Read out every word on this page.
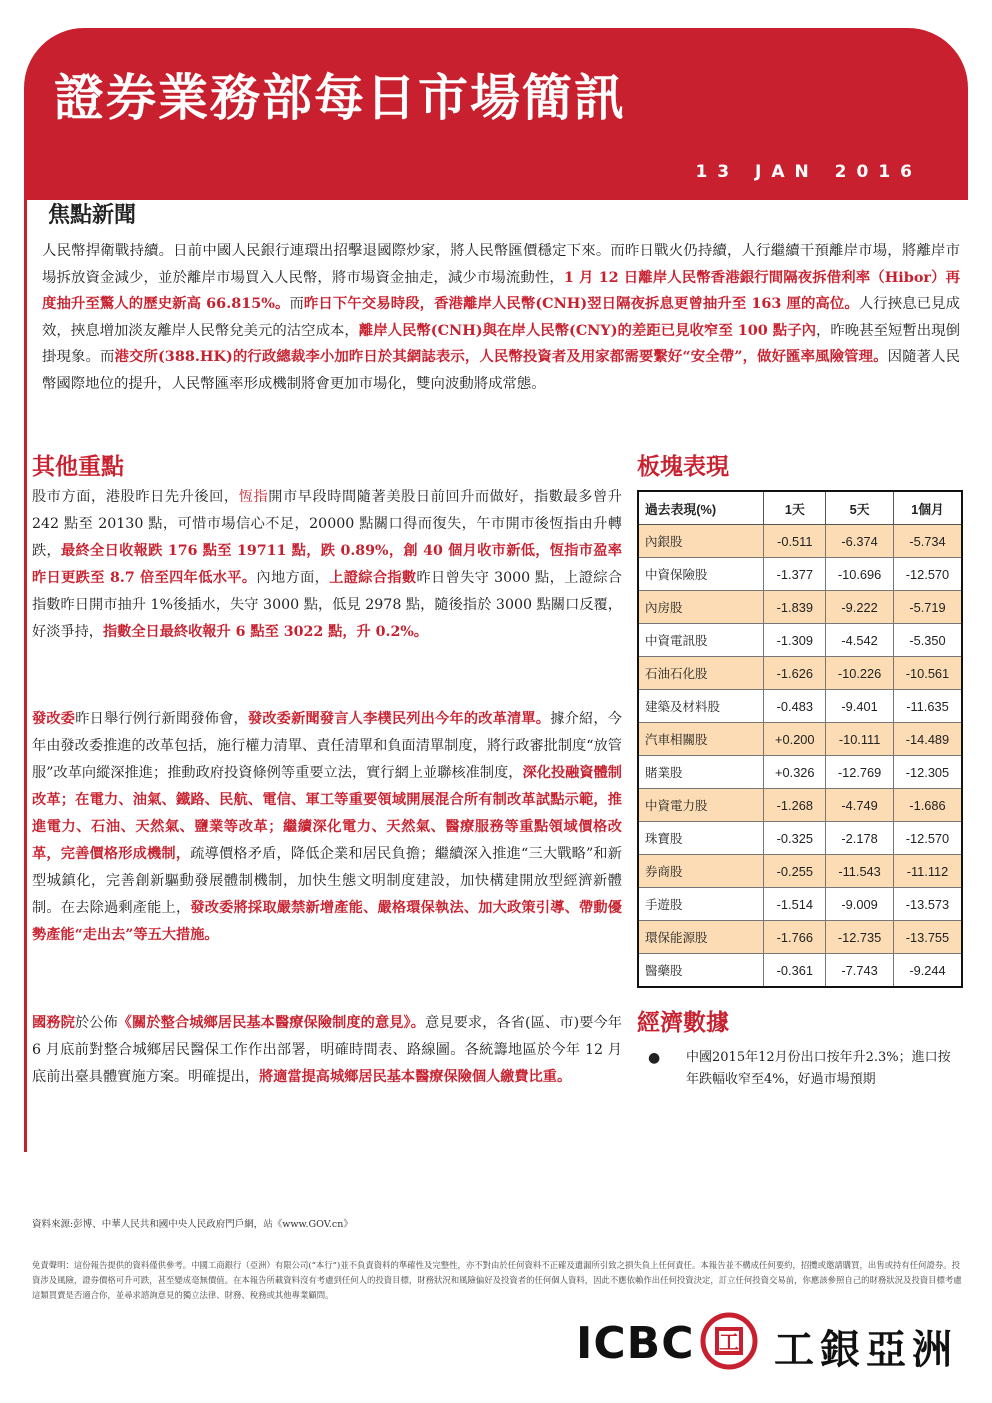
證券業務部每日市場簡訊
13 JAN 2016
焦點新聞
人民幣捍衛戰持續。日前中國人民銀行連環出招擊退國際炒家，將人民幣匯價穩定下來。而昨日戰火仍持續，人行繼續干預離岸市場，將離岸市場拆放資金減少，並於離岸市場買入人民幣，將市場資金抽走，減少市場流動性，1 月 12 日離岸人民幣香港銀行間隔夜拆借利率（Hibor）再度抽升至驚人的歷史新高 66.815%。而昨日下午交易時段，香港離岸人民幣(CNH)翌日隔夜拆息更曾抽升至 163 厘的高位。人行挾息已見成效，挾息增加淡友離岸人民幣兌美元的沽空成本，離岸人民幣(CNH)與在岸人民幣(CNY)的差距已見收窄至 100 點子內，昨晚甚至短暫出現倒掛現象。而港交所(388.HK)的行政總裁李小加昨日於其網誌表示，人民幣投資者及用家都需要繫好“安全帶”，做好匯率風險管理。因隨著人民幣國際地位的提升，人民幣匯率形成機制將會更加市場化，雙向波動將成常態。
其他重點
股市方面，港股昨日先升後回，恆指開市早段時間隨著美股日前回升而做好，指數最多曾升 242 點至 20130 點，可惜市場信心不足，20000 點關口得而復失，午市開市後恆指由升轉跌，最終全日收報跌 176 點至 19711 點，跌 0.89%，創 40 個月收市新低，恆指市盈率昨日更跌至 8.7 倍至四年低水平。內地方面，上證綜合指數昨日曾失守 3000 點，上證綜合指數昨日開市抽升 1%後插水，失守 3000 點，低見 2978 點，隨後指於 3000 點關口反覆，好淡爭持，指數全日最終收報升 6 點至 3022 點，升 0.2%。
發改委昨日舉行例行新聞發佈會，發改委新聞發言人李樸民列出今年的改革清單。據介紹，今年由發改委推進的改革包括，施行權力清單、責任清單和負面清單制度，將行政審批制度“放管服”改革向縱深推進；推動政府投資條例等重要立法，實行網上並聯核准制度，深化投融資體制改革；在電力、油氣、鐵路、民航、電信、軍工等重要領域開展混合所有制改革試點示範，推進電力、石油、天然氣、鹽業等改革；繼續深化電力、天然氣、醫療服務等重點領域價格改革，完善價格形成機制，疏導價格矛盾，降低企業和居民負擔；繼續深入推進“三大戰略”和新型城鎮化，完善創新驅動發展體制機制，加快生態文明制度建設，加快構建開放型經濟新體制。在去除過剩產能上，發改委將採取嚴禁新增產能、嚴格環保執法、加大政策引導、帶動優勢產能“走出去”等五大措施。
國務院於公佈《關於整合城鄉居民基本醫療保險制度的意見》。意見要求，各省(區、市)要今年 6 月底前對整合城鄉居民醫保工作作出部署，明確時間表、路線圖。各統籌地區於今年 12 月底前出臺具體實施方案。明確提出，將適當提高城鄉居民基本醫療保險個人繳費比重。
板塊表現
過去表現(%)	1天	5天	1個月
內銀股	-0.511	-6.374	-5.734
中資保險股	-1.377	-10.696	-12.570
內房股	-1.839	-9.222	-5.719
中資電訊股	-1.309	-4.542	-5.350
石油石化股	-1.626	-10.226	-10.561
建築及材料股	-0.483	-9.401	-11.635
汽車相關股	+0.200	-10.111	-14.489
賭業股	+0.326	-12.769	-12.305
中資電力股	-1.268	-4.749	-1.686
珠寶股	-0.325	-2.178	-12.570
券商股	-0.255	-11.543	-11.112
手遊股	-1.514	-9.009	-13.573
環保能源股	-1.766	-12.735	-13.755
醫藥股	-0.361	-7.743	-9.244
經濟數據
●	中國2015年12月份出口按年升2.3%；進口按年跌幅收窄至4%，好過市場預期
資料來源:彭博、中華人民共和國中央人民政府門戶網，站《www.GOV.cn》
免責聲明：這份報告提供的資料僅供參考。中國工商銀行（亞洲）有限公司(“本行”)並不負責資料的準確性及完整性，亦不對由於任何資料不正確及遺漏所引致之損失負上任何責任。本報告並不構成任何要約，招攬或邀請購買，出售或持有任何證券。投資涉及風險，證券價格可升可跌，甚至變成毫無價值。在本報告所載資料沒有考慮到任何人的投資目標，財務狀況和風險偏好及投資者的任何個人資料，因此不應依賴作出任何投資決定，訂立任何投資交易前，你應該參照自己的財務狀況及投資目標考慮這類買賣是否適合你，並尋求諮詢意見的獨立法律、財務、稅務或其他專業顧問。
ICBC 工 工銀亞洲
